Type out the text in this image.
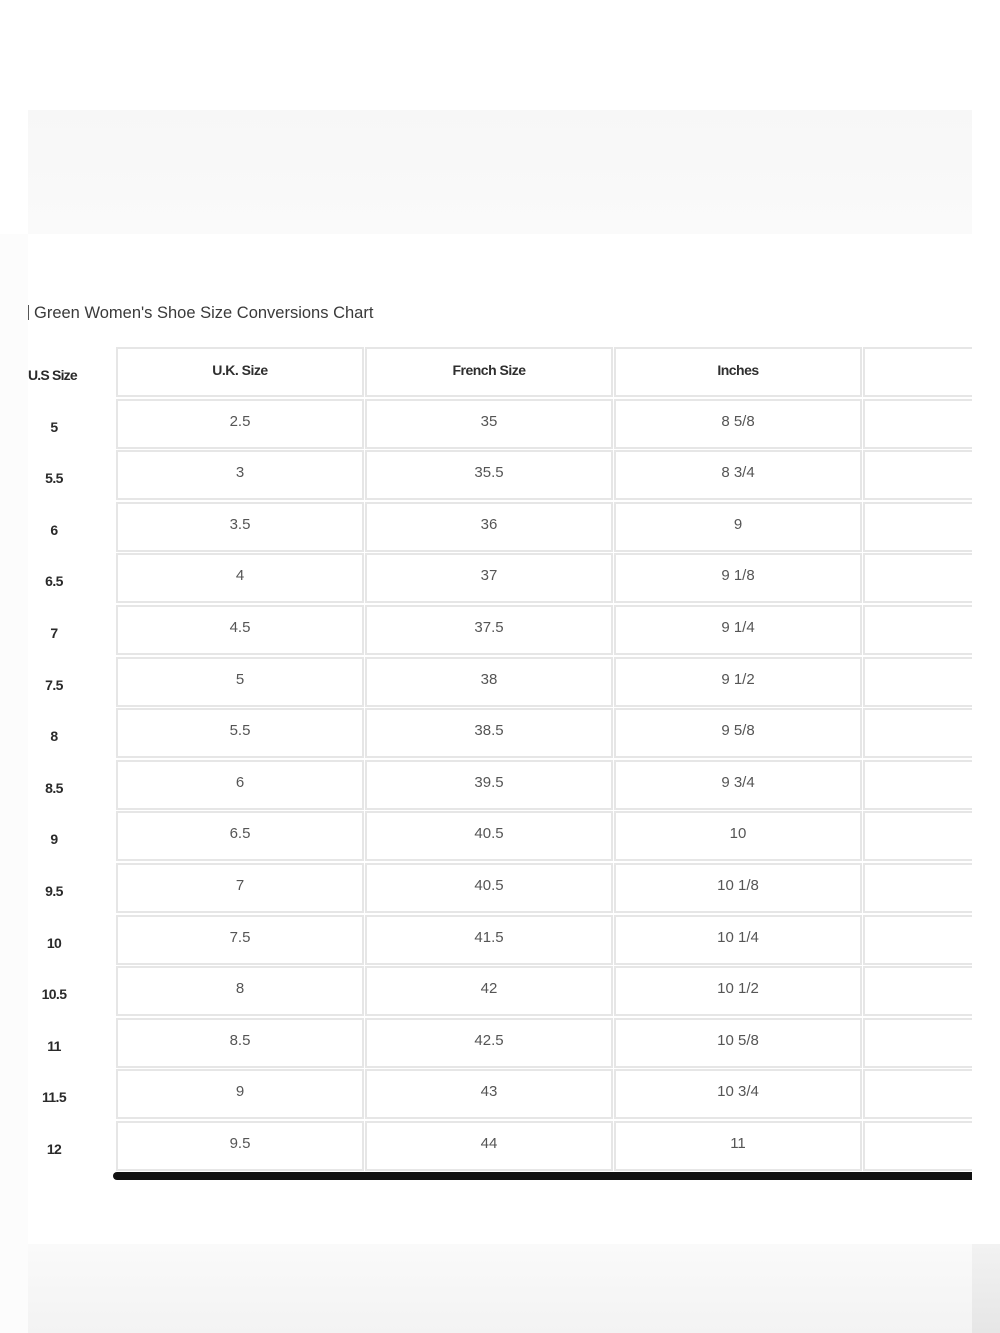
Green Women's Shoe Size Conversions Chart
U.S Size	U.K. Size	French Size	Inches
5	2.5	35	8 5/8
5.5	3	35.5	8 3/4
6	3.5	36	9
6.5	4	37	9 1/8
7	4.5	37.5	9 1/4
7.5	5	38	9 1/2
8	5.5	38.5	9 5/8
8.5	6	39.5	9 3/4
9	6.5	40.5	10
9.5	7	40.5	10 1/8
10	7.5	41.5	10 1/4
10.5	8	42	10 1/2
11	8.5	42.5	10 5/8
11.5	9	43	10 3/4
12	9.5	44	11
